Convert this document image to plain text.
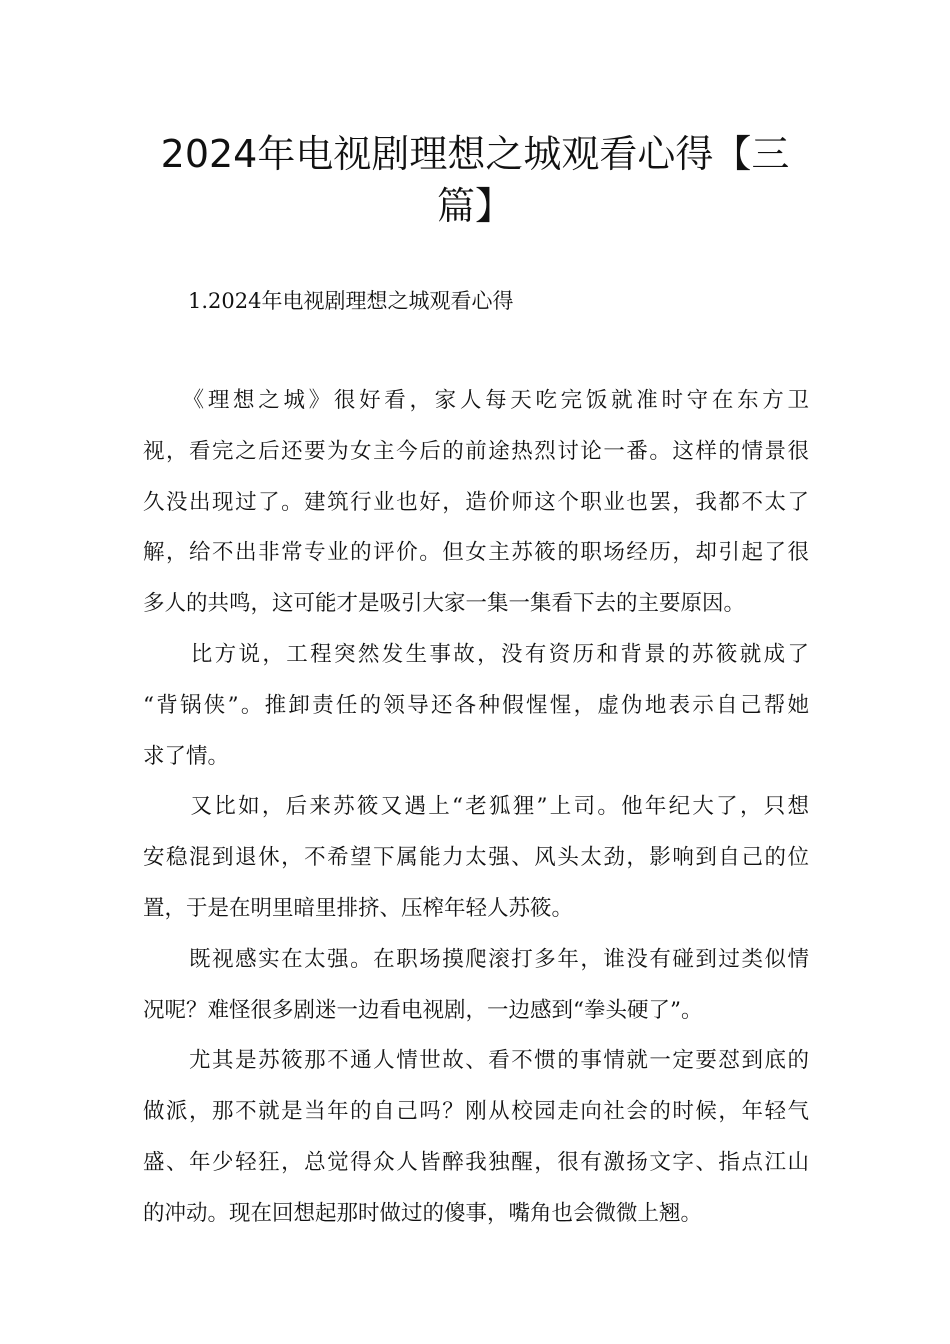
2024年电视剧理想之城观看心得【三
篇】

1.2024年电视剧理想之城观看心得

　　《理想之城》很好看，家人每天吃完饭就准时守在东方卫
视，看完之后还要为女主今后的前途热烈讨论一番。这样的情景很
久没出现过了。建筑行业也好，造价师这个职业也罢，我都不太了
解，给不出非常专业的评价。但女主苏筱的职场经历，却引起了很
多人的共鸣，这可能才是吸引大家一集一集看下去的主要原因。

　　比方说，工程突然发生事故，没有资历和背景的苏筱就成了
“背锅侠”。推卸责任的领导还各种假惺惺，虚伪地表示自己帮她
求了情。

　　又比如，后来苏筱又遇上“老狐狸”上司。他年纪大了，只想
安稳混到退休，不希望下属能力太强、风头太劲，影响到自己的位
置，于是在明里暗里排挤、压榨年轻人苏筱。

　　既视感实在太强。在职场摸爬滚打多年，谁没有碰到过类似情
况呢？难怪很多剧迷一边看电视剧，一边感到“拳头硬了”。

　　尤其是苏筱那不通人情世故、看不惯的事情就一定要怼到底的
做派，那不就是当年的自己吗？刚从校园走向社会的时候，年轻气
盛、年少轻狂，总觉得众人皆醉我独醒，很有激扬文字、指点江山
的冲动。现在回想起那时做过的傻事，嘴角也会微微上翘。
